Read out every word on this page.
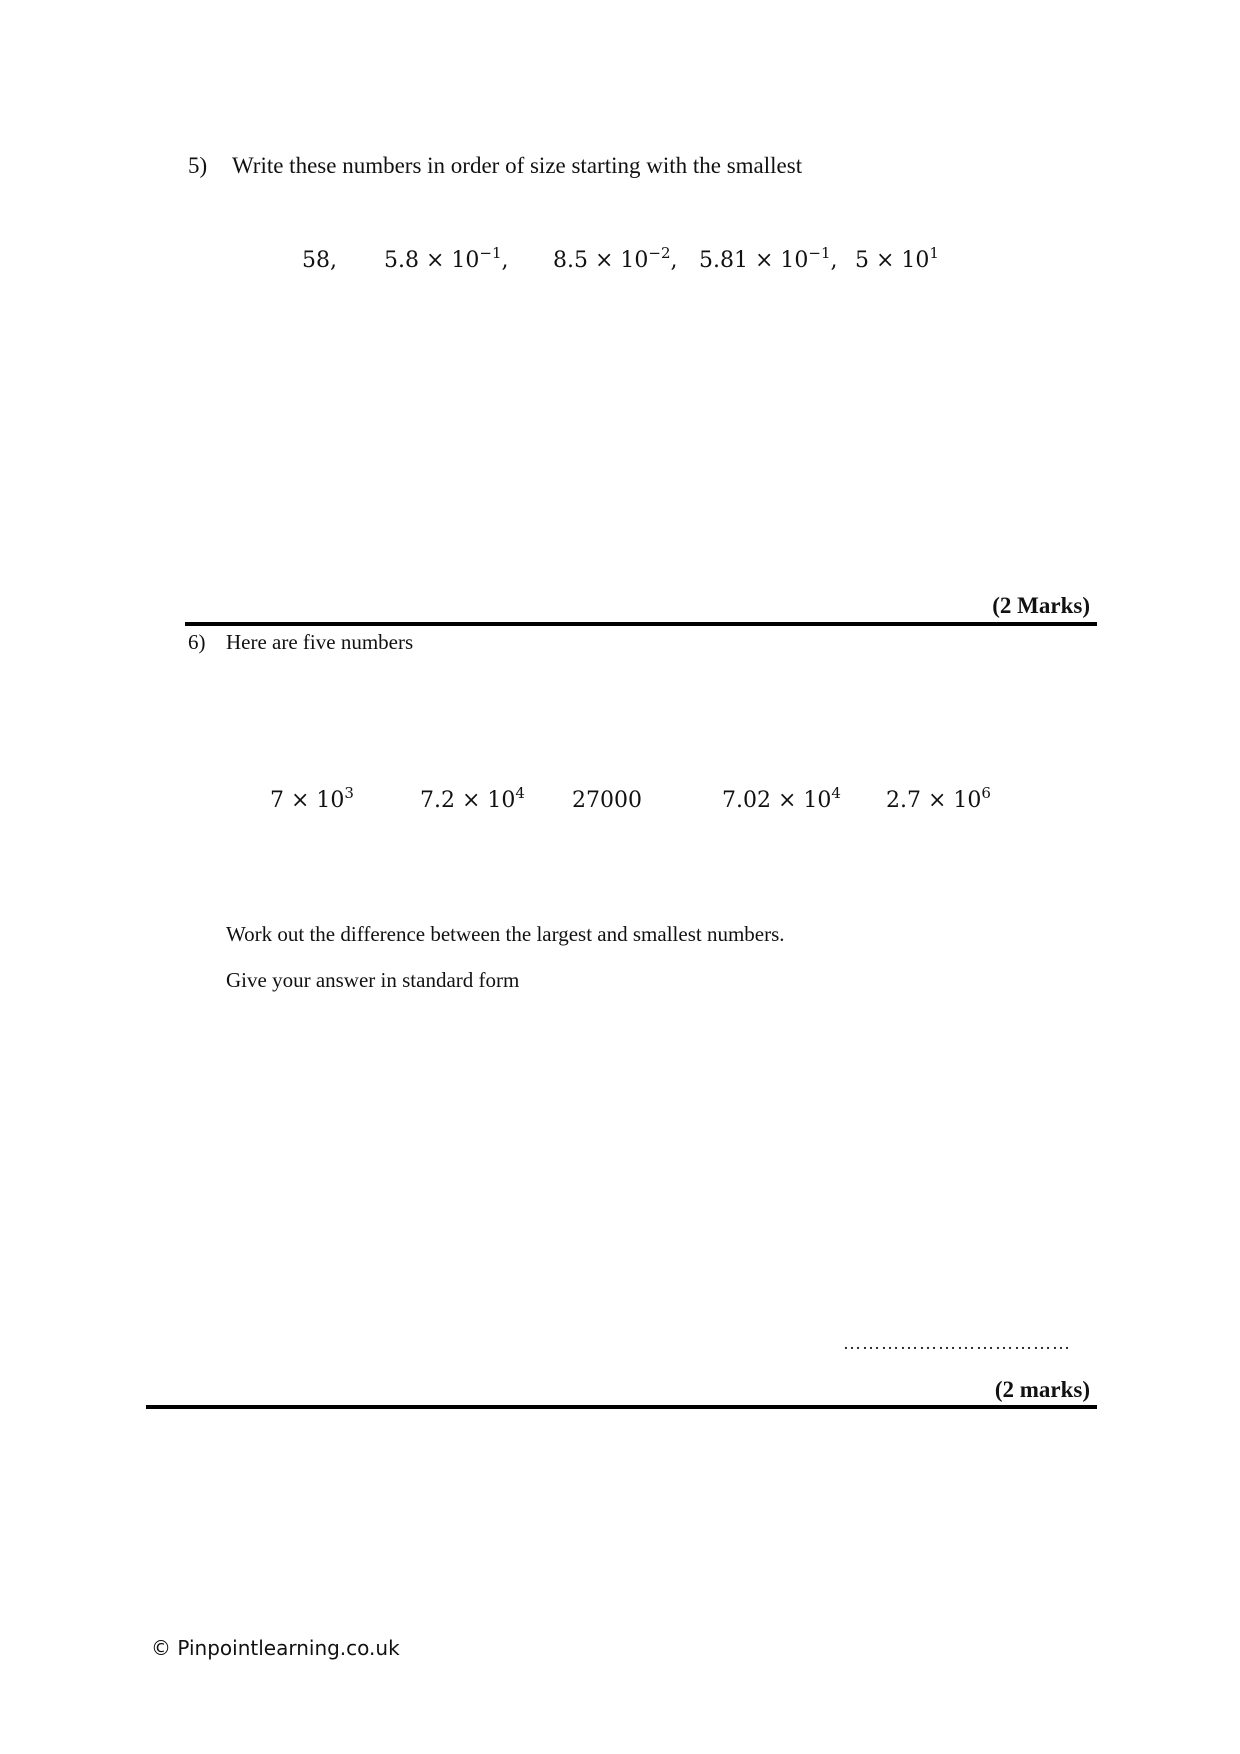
5) Write these numbers in order of size starting with the smallest
58, $5.8 \times 10^{-1}$, $8.5 \times 10^{-2}$, $5.81 \times 10^{-1}$, $5 \times 10^1$
(2 Marks)
6) Here are five numbers
$7 \times 10^3$	$7.2 \times 10^4$ 27000	$7.02 \times 10^4$ $2.7 \times 10^6$
Work out the difference between the largest and smallest numbers.
Give your answer in standard form
………………………………
(2 marks)
© Pinpointlearning.co.uk
